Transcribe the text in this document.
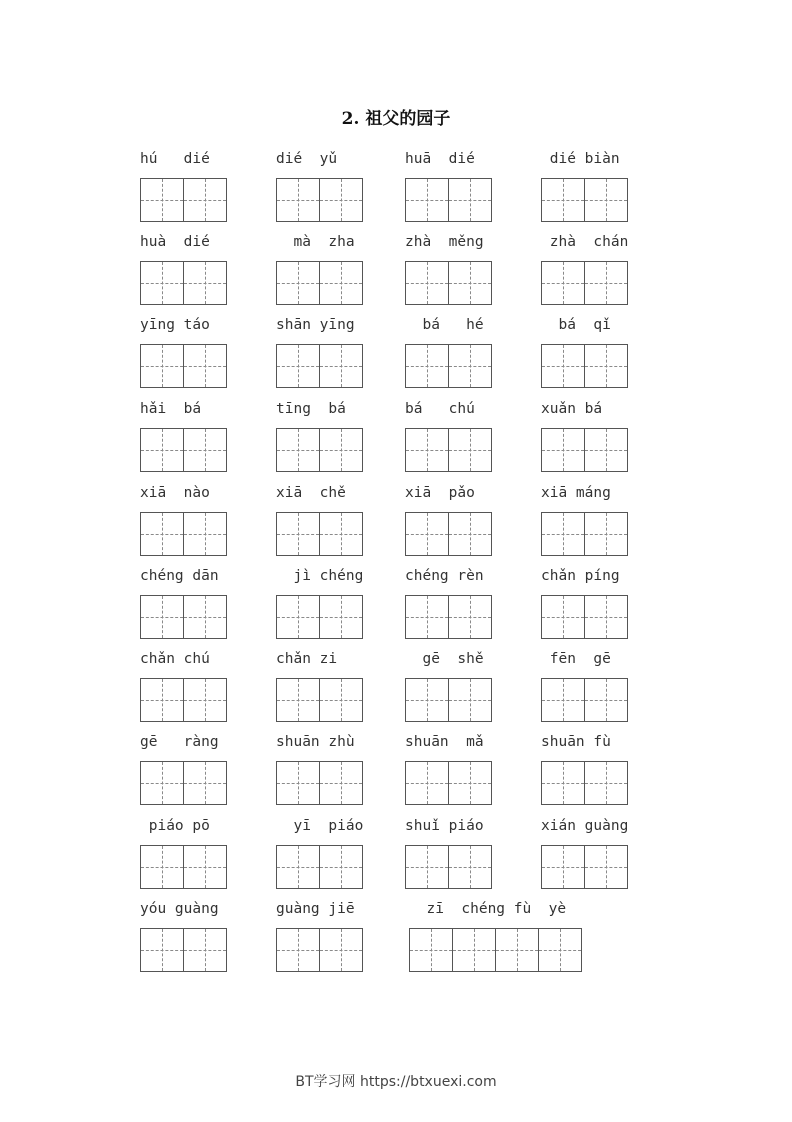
2. 祖父的园子
hú   dié	dié  yǔ	huā  dié	dié biàn
huà  dié	mà  zha	zhà  měng	zhà  chán
yīng táo	shān yīng	bá   hé	bá  qǐ
hǎi  bá	tīng  bá	bá   chú	xuǎn bá
xiā  nào	xiā  chě	xiā  pǎo	xiā máng
chéng dān	jì chéng	chéng rèn	chǎn píng
chǎn chú	chǎn zi	gē  shě	fēn  gē
gē   ràng	shuān zhù	shuān  mǎ	shuān fù
piáo pō	yī  piáo	shuǐ piáo	xián guàng
yóu guàng	guàng jiē	zī  chéng fù  yè
BT学习网 https://btxuexi.com
